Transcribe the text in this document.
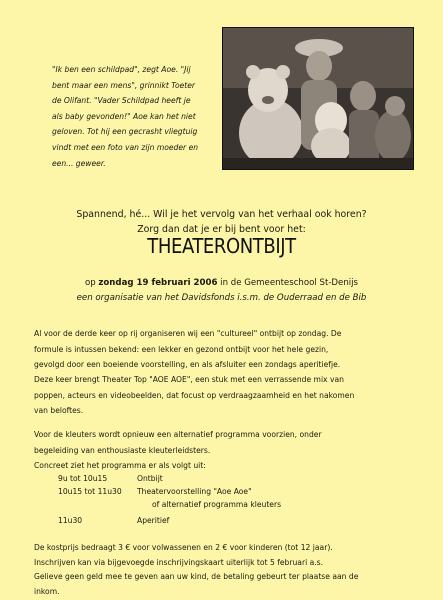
"Ik ben een schildpad", zegt Aoe. "Jij
bent maar een mens", grinnikt Toeter
de Olifant. "Vader Schildpad heeft je
als baby gevonden!" Aoe kan het niet
geloven. Tot hij een gecrasht vliegtuig
vindt met een foto van zijn moeder en
een... geweer.
Spannend, hé... Wil je het vervolg van het verhaal ook horen?
Zorg dan dat je er bij bent voor het:
THEATERONTBIJT
op zondag 19 februari 2006 in de Gemeenteschool St-Denijs
een organisatie van het Davidsfonds i.s.m. de Ouderraad en de Bib
Al voor de derde keer op rij organiseren wij een "cultureel" ontbijt op zondag. De
formule is intussen bekend: een lekker en gezond ontbijt voor het hele gezin,
gevolgd door een boeiende voorstelling, en als afsluiter een zondags aperitiefje.
Deze keer brengt Theater Top "AOE AOE", een stuk met een verrassende mix van
poppen, acteurs en videobeelden, dat focust op verdraagzaamheid en het nakomen
van beloftes.
Voor de kleuters wordt opnieuw een alternatief programma voorzien, onder
begeleiding van enthousiaste kleuterleidsters.
Concreet ziet het programma er als volgt uit:
9u tot 10u15	Ontbijt
10u15 tot 11u30 Theatervoorstelling "Aoe Aoe"
of alternatief programma kleuters
11u30	Aperitief
De kostprijs bedraagt 3 € voor volwassenen en 2 € voor kinderen (tot 12 jaar).
Inschrijven kan via bijgevoegde inschrijvingskaart uiterlijk tot 5 februari a.s.
Gelieve geen geld mee te geven aan uw kind, de betaling gebeurt ter plaatse aan de
inkom.
